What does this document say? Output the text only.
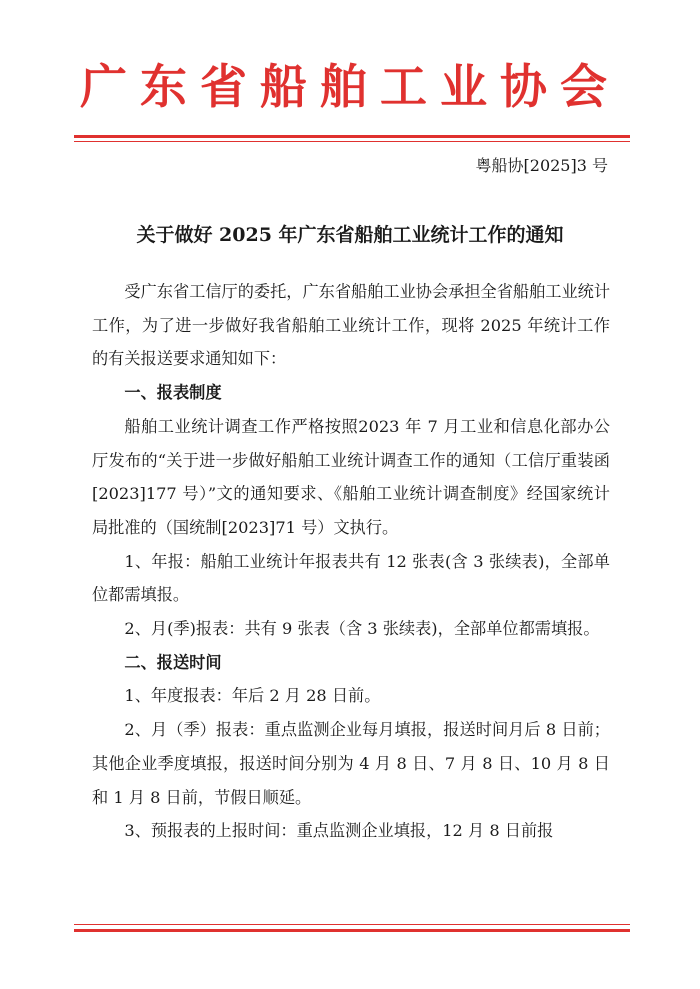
广东省船舶工业协会
粤船协[2025]3 号
关于做好 2025 年广东省船舶工业统计工作的通知

受广东省工信厅的委托，广东省船舶工业协会承担全省船舶工业统计工作，为了进一步做好我省船舶工业统计工作，现将 2025 年统计工作的有关报送要求通知如下：

一、报表制度

船舶工业统计调查工作严格按照2023 年 7 月工业和信息化部办公厅发布的“关于进一步做好船舶工业统计调查工作的通知（工信厅重装函[2023]177 号）”文的通知要求、《船舶工业统计调查制度》经国家统计局批准的（国统制[2023]71 号）文执行。

1、年报：船舶工业统计年报表共有 12 张表(含 3 张续表)，全部单位都需填报。

2、月(季)报表：共有 9 张表（含 3 张续表)，全部单位都需填报。

二、报送时间

1、年度报表：年后 2 月 28 日前。

2、月（季）报表：重点监测企业每月填报，报送时间月后 8 日前；其他企业季度填报，报送时间分别为 4 月 8 日、7 月 8 日、10 月 8 日和 1 月 8 日前，节假日顺延。

3、预报表的上报时间：重点监测企业填报，12 月 8 日前报
